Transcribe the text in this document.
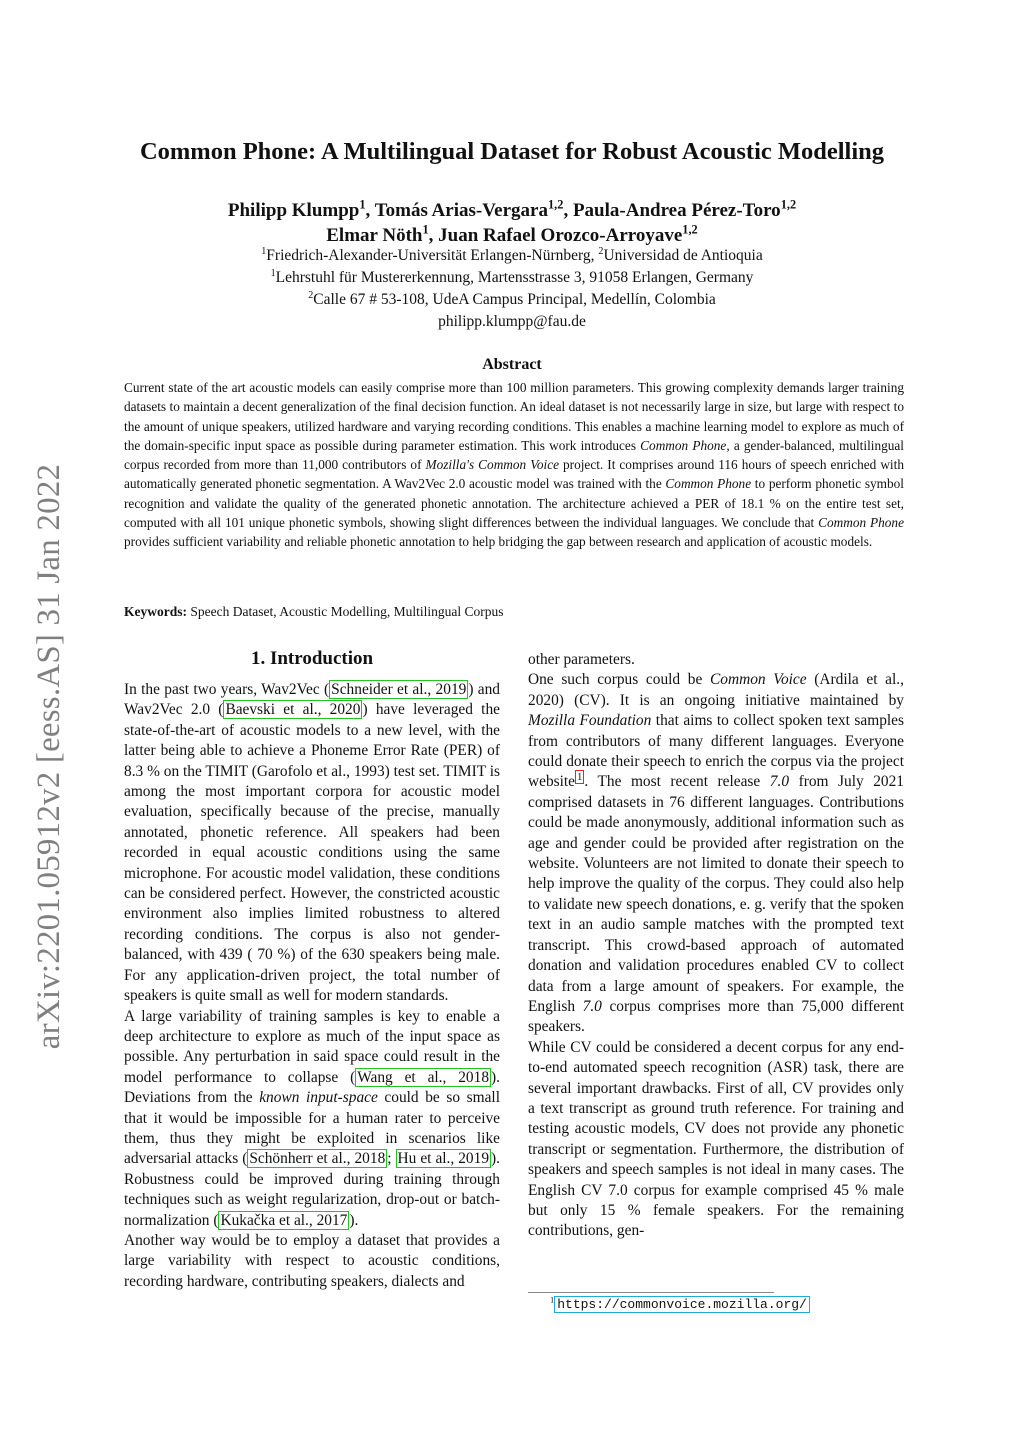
arXiv:2201.05912v2 [eess.AS] 31 Jan 2022
Common Phone: A Multilingual Dataset for Robust Acoustic Modelling
Philipp Klumpp$^1$, Tomás Arias-Vergara$^{1,2}$, Paula-Andrea Pérez-Toro$^{1,2}$
Elmar Nöth$^1$, Juan Rafael Orozco-Arroyave$^{1,2}$
$^1$Friedrich-Alexander-Universität Erlangen-Nürnberg, $^2$Universidad de Antioquia
$^1$Lehrstuhl für Mustererkennung, Martensstrasse 3, 91058 Erlangen, Germany
$^2$Calle 67 # 53-108, UdeA Campus Principal, Medellín, Colombia
philipp.klumpp@fau.de
Abstract

Current state of the art acoustic models can easily comprise more than 100 million parameters. This growing complexity demands larger training datasets to maintain a decent generalization of the final decision function. An ideal dataset is not necessarily large in size, but large with respect to the amount of unique speakers, utilized hardware and varying recording conditions. This enables a machine learning model to explore as much of the domain-specific input space as possible during parameter estimation. This work introduces Common Phone, a gender-balanced, multilingual corpus recorded from more than 11,000 contributors of Mozilla's Common Voice project. It comprises around 116 hours of speech enriched with automatically generated phonetic segmentation. A Wav2Vec 2.0 acoustic model was trained with the Common Phone to perform phonetic symbol recognition and validate the quality of the generated phonetic annotation. The architecture achieved a PER of 18.1 % on the entire test set, computed with all 101 unique phonetic symbols, showing slight differences between the individual languages. We conclude that Common Phone provides sufficient variability and reliable phonetic annotation to help bridging the gap between research and application of acoustic models.

Keywords: Speech Dataset, Acoustic Modelling, Multilingual Corpus
1. Introduction

In the past two years, Wav2Vec ( Schneider et al., 2019 ) and Wav2Vec 2.0 ( Baevski et al., 2020 ) have leveraged the state-of-the-art of acoustic models to a new level, with the latter being able to achieve a Phoneme Error Rate (PER) of 8.3 % on the TIMIT (Garofolo et al., 1993) test set. TIMIT is among the most important corpora for acoustic model evaluation, specifically because of the precise, manually annotated, phonetic reference. All speakers had been recorded in equal acoustic conditions using the same microphone. For acoustic model validation, these conditions can be considered perfect. However, the constricted acoustic environment also implies limited robustness to altered recording conditions. The corpus is also not gender-balanced, with 439 ( 70 %) of the 630 speakers being male. For any application-driven project, the total number of speakers is quite small as well for modern standards.

A large variability of training samples is key to enable a deep architecture to explore as much of the input space as possible. Any perturbation in said space could result in the model performance to collapse ( Wang et al., 2018 ). Deviations from the known input-space could be so small that it would be impossible for a human rater to perceive them, thus they might be exploited in scenarios like adversarial attacks ( Schönherr et al., 2018 ; Hu et al., 2019 ). Robustness could be improved during training through techniques such as weight regularization, drop-out or batch-normalization ( Kukačka et al., 2017 ).

Another way would be to employ a dataset that provides a large variability with respect to acoustic conditions, recording hardware, contributing speakers, dialects and

other parameters.

One such corpus could be Common Voice (Ardila et al., 2020) (CV). It is an ongoing initiative maintained by Mozilla Foundation that aims to collect spoken text samples from contributors of many different languages. Everyone could donate their speech to enrich the corpus via the project website $^1$ . The most recent release 7.0 from July 2021 comprised datasets in 76 different languages. Contributions could be made anonymously, additional information such as age and gender could be provided after registration on the website. Volunteers are not limited to donate their speech to help improve the quality of the corpus. They could also help to validate new speech donations, e. g. verify that the spoken text in an audio sample matches with the prompted text transcript. This crowd-based approach of automated donation and validation procedures enabled CV to collect data from a large amount of speakers. For example, the English 7.0 corpus comprises more than 75,000 different speakers.

While CV could be considered a decent corpus for any end-to-end automated speech recognition (ASR) task, there are several important drawbacks. First of all, CV provides only a text transcript as ground truth reference. For training and testing acoustic models, CV does not provide any phonetic transcript or segmentation. Furthermore, the distribution of speakers and speech samples is not ideal in many cases. The English CV 7.0 corpus for example comprised 45 % male but only 15 % female speakers. For the remaining contributions, gen-

$^1$ https://commonvoice.mozilla.org/
